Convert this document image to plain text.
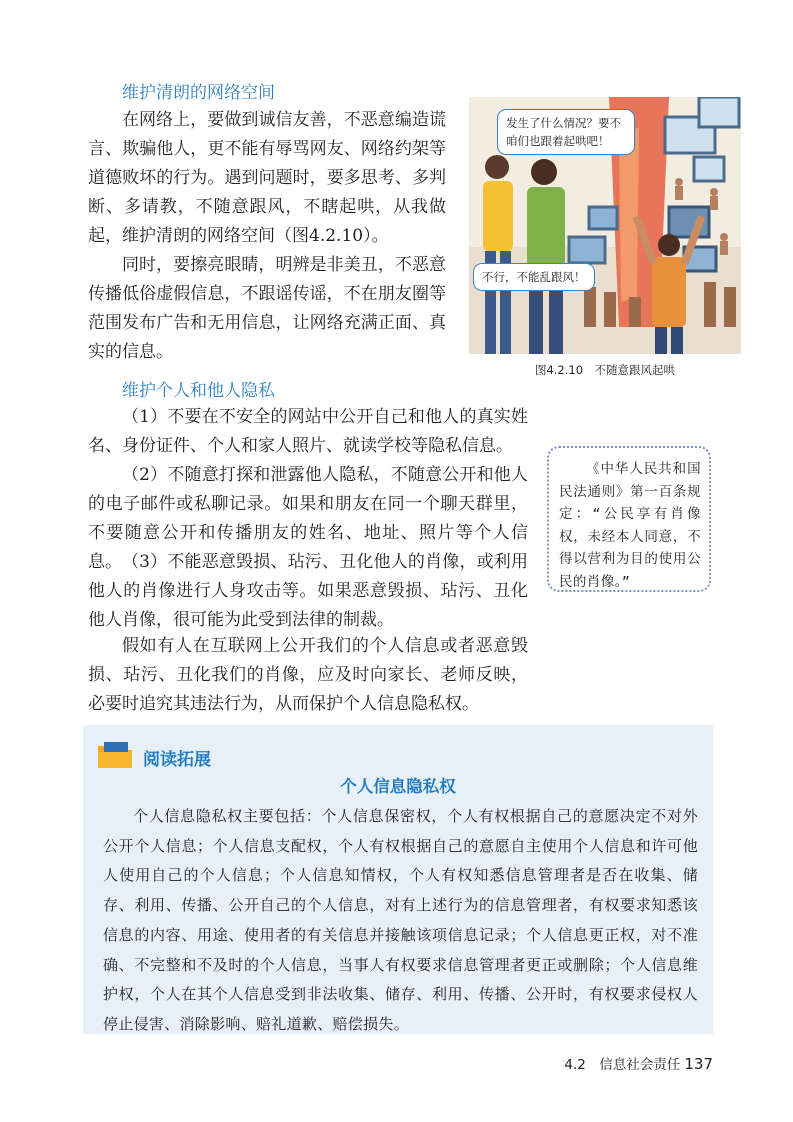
维护清朗的网络空间

在网络上，要做到诚信友善，不恶意编造谎言、欺骗他人，更不能有辱骂网友、网络约架等道德败坏的行为。遇到问题时，要多思考、多判断、多请教，不随意跟风，不瞎起哄，从我做起，维护清朗的网络空间（图4.2.10）。

同时，要擦亮眼睛，明辨是非美丑，不恶意传播低俗虚假信息，不跟谣传谣，不在朋友圈等范围发布广告和无用信息，让网络充满正面、真实的信息。

发生了什么情况？要不咱们也跟着起哄吧！
不行，不能乱跟风！
图4.2.10　不随意跟风起哄
维护个人和他人隐私

（1）不要在不安全的网站中公开自己和他人的真实姓名、身份证件、个人和家人照片、就读学校等隐私信息。

（2）不随意打探和泄露他人隐私，不随意公开和他人的电子邮件或私聊记录。如果和朋友在同一个聊天群里，不要随意公开和传播朋友的姓名、地址、照片等个人信息。 （3）不能恶意毁损、玷污、丑化他人的肖像，或利用他人的肖像进行人身攻击等。如果恶意毁损、玷污、丑化他人肖像，很可能为此受到法律的制裁。

假如有人在互联网上公开我们的个人信息或者恶意毁损、玷污、丑化我们的肖像，应及时向家长、老师反映，必要时追究其违法行为，从而保护个人信息隐私权。

《中华人民共和国民法通则》第一百条规定：“公民享有肖像权，未经本人同意，不得以营利为目的使用公民的肖像。”

阅读拓展
个人信息隐私权

个人信息隐私权主要包括：个人信息保密权，个人有权根据自己的意愿决定不对外公开个人信息；个人信息支配权，个人有权根据自己的意愿自主使用个人信息和许可他人使用自己的个人信息；个人信息知情权，个人有权知悉信息管理者是否在收集、储存、利用、传播、公开自己的个人信息，对有上述行为的信息管理者，有权要求知悉该信息的内容、用途、使用者的有关信息并接触该项信息记录；个人信息更正权，对不准确、不完整和不及时的个人信息，当事人有权要求信息管理者更正或删除；个人信息维护权，个人在其个人信息受到非法收集、储存、利用、传播、公开时，有权要求侵权人停止侵害、消除影响、赔礼道歉、赔偿损失。

4.2　信息社会责任 137
